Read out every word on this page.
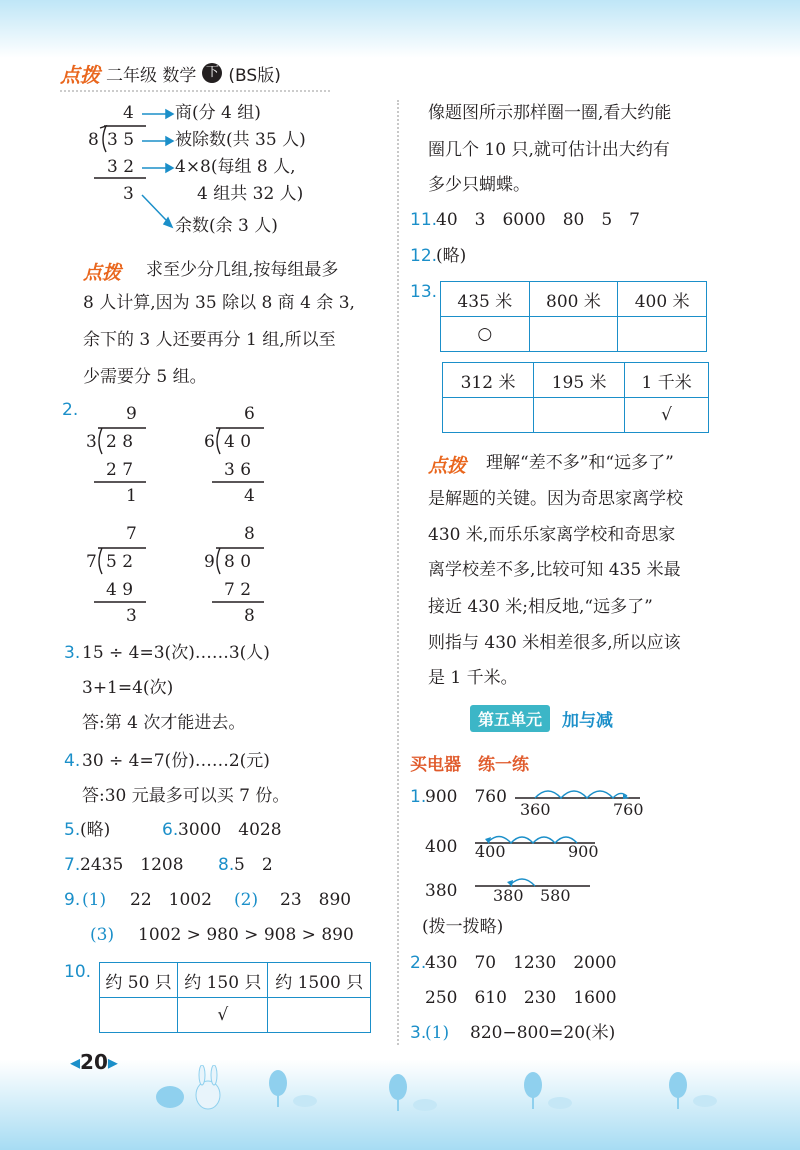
点拨 二年级 数学 下 (BS版)
4
8 3 5
3 2
3
商(分 4 组)
被除数(共 35 人)
4×8(每组 8 人,
4 组共 32 人)
余数(余 3 人)
点拨 求至少分几组,按每组最多
8 人计算,因为 35 除以 8 商 4 余 3,
余下的 3 人还要再分 1 组,所以至
少需要分 5 组。
2.	9
3 2 8
2 7
1
6
6 4 0
3 6
4
7
7 5 2
4 9
3
8
9 8 0
7 2
8
3. 15 ÷ 4=3(次)……3(人)
3+1=4(次)
答:第 4 次才能进去。
4. 30 ÷ 4=7(份)……2(元)
答:30 元最多可以买 7 份。
5. (略)	6. 3000　4028
7. 2435　1208 8. 5　2
9. (1) 22　1002 (2) 23　890
(3) 1002 > 980 > 908 > 890
10.
约 50 只	约 150 只	约 1500 只
	√	
像题图所示那样圈一圈,看大约能
圈几个 10 只,就可估计出大约有
多少只蝴蝶。
11.
40　3　6000　80　5　7
12.
(略)
13. 435 米	800 米	400 米
○		
312 米	195 米	1 千米
		√
点拨 理解“差不多”和“远多了”
是解题的关键。因为奇思家离学校
430 米,而乐乐家离学校和奇思家
离学校差不多,比较可知 435 米最
接近 430 米;相反地,“远多了”
则指与 430 米相差很多,所以应该
是 1 千米。
第五单元	加与减
买电器　练一练
1.
900　760
360	760
400 400	900
380 380 580
(拨一拨略)
2.
430　70　1230　2000
250　610　230　1600
3.
(1) 820−800=20(米)
◂20▸
